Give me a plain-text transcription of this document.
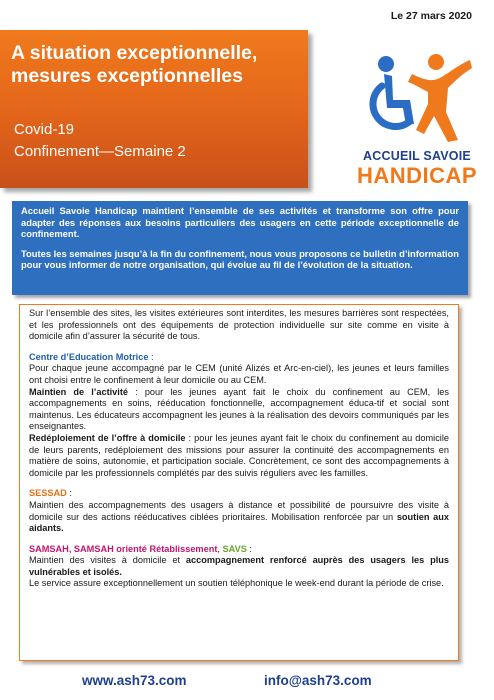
Le 27 mars 2020
A situation exceptionnelle,
mesures exceptionnelles
Covid-19
Confinement—Semaine 2	ACCUEIL SAVOIE
HANDICAP

Accueil Savoie Handicap maintient l’ensemble de ses activités et transforme son offre pour adapter des réponses aux besoins particuliers des usagers en cette période exceptionnelle de confinement.

Toutes les semaines jusqu’à la fin du confinement, nous vous proposons ce bulletin d’information pour vous informer de notre organisation, qui évolue au fil de l’évolution de la situation.

Sur l’ensemble des sites, les visites extérieures sont interdites, les mesures barrières sont respectées, et les professionnels ont des équipements de protection individuelle sur site comme en visite à domicile afin d’assurer la sécurité de tous.

Centre d’Education Motrice :

Pour chaque jeune accompagné par le CEM (unité Alizés et Arc-en-ciel), les jeunes et leurs familles ont choisi entre le confinement à leur domicile ou au CEM.

Maintien de l’activité : pour les jeunes ayant fait le choix du confinement au CEM, les accompagnements en soins, rééducation fonctionnelle, accompagnement éduca-tif et social sont maintenus. Les éducateurs accompagnent les jeunes à la réalisation des devoirs communiqués par les enseignantes.

Redéploiement de l’offre à domicile : pour les jeunes ayant fait le choix du confinement au domicile de leurs parents, redéploiement des missions pour assurer la continuité des accompagnements en matière de soins, autonomie, et participation sociale. Concrètement, ce sont des accompagnements à domicile par les professionnels complétés par des suivis réguliers avec les familles.

SESSAD :

Maintien des accompagnements des usagers à distance et possibilité de poursuivre des visite à domicile sur des actions rééducatives ciblées prioritaires. Mobilisation renforcée par un soutien aux aidants.

SAMSAH, SAMSAH orienté Rétablissement, SAVS :

Maintien des visites à domicile et accompagnement renforcé auprès des usagers les plus vulnérables et isolés.

Le service assure exceptionnellement un soutien téléphonique le week-end durant la période de crise.

www.ash73.com	info@ash73.com
